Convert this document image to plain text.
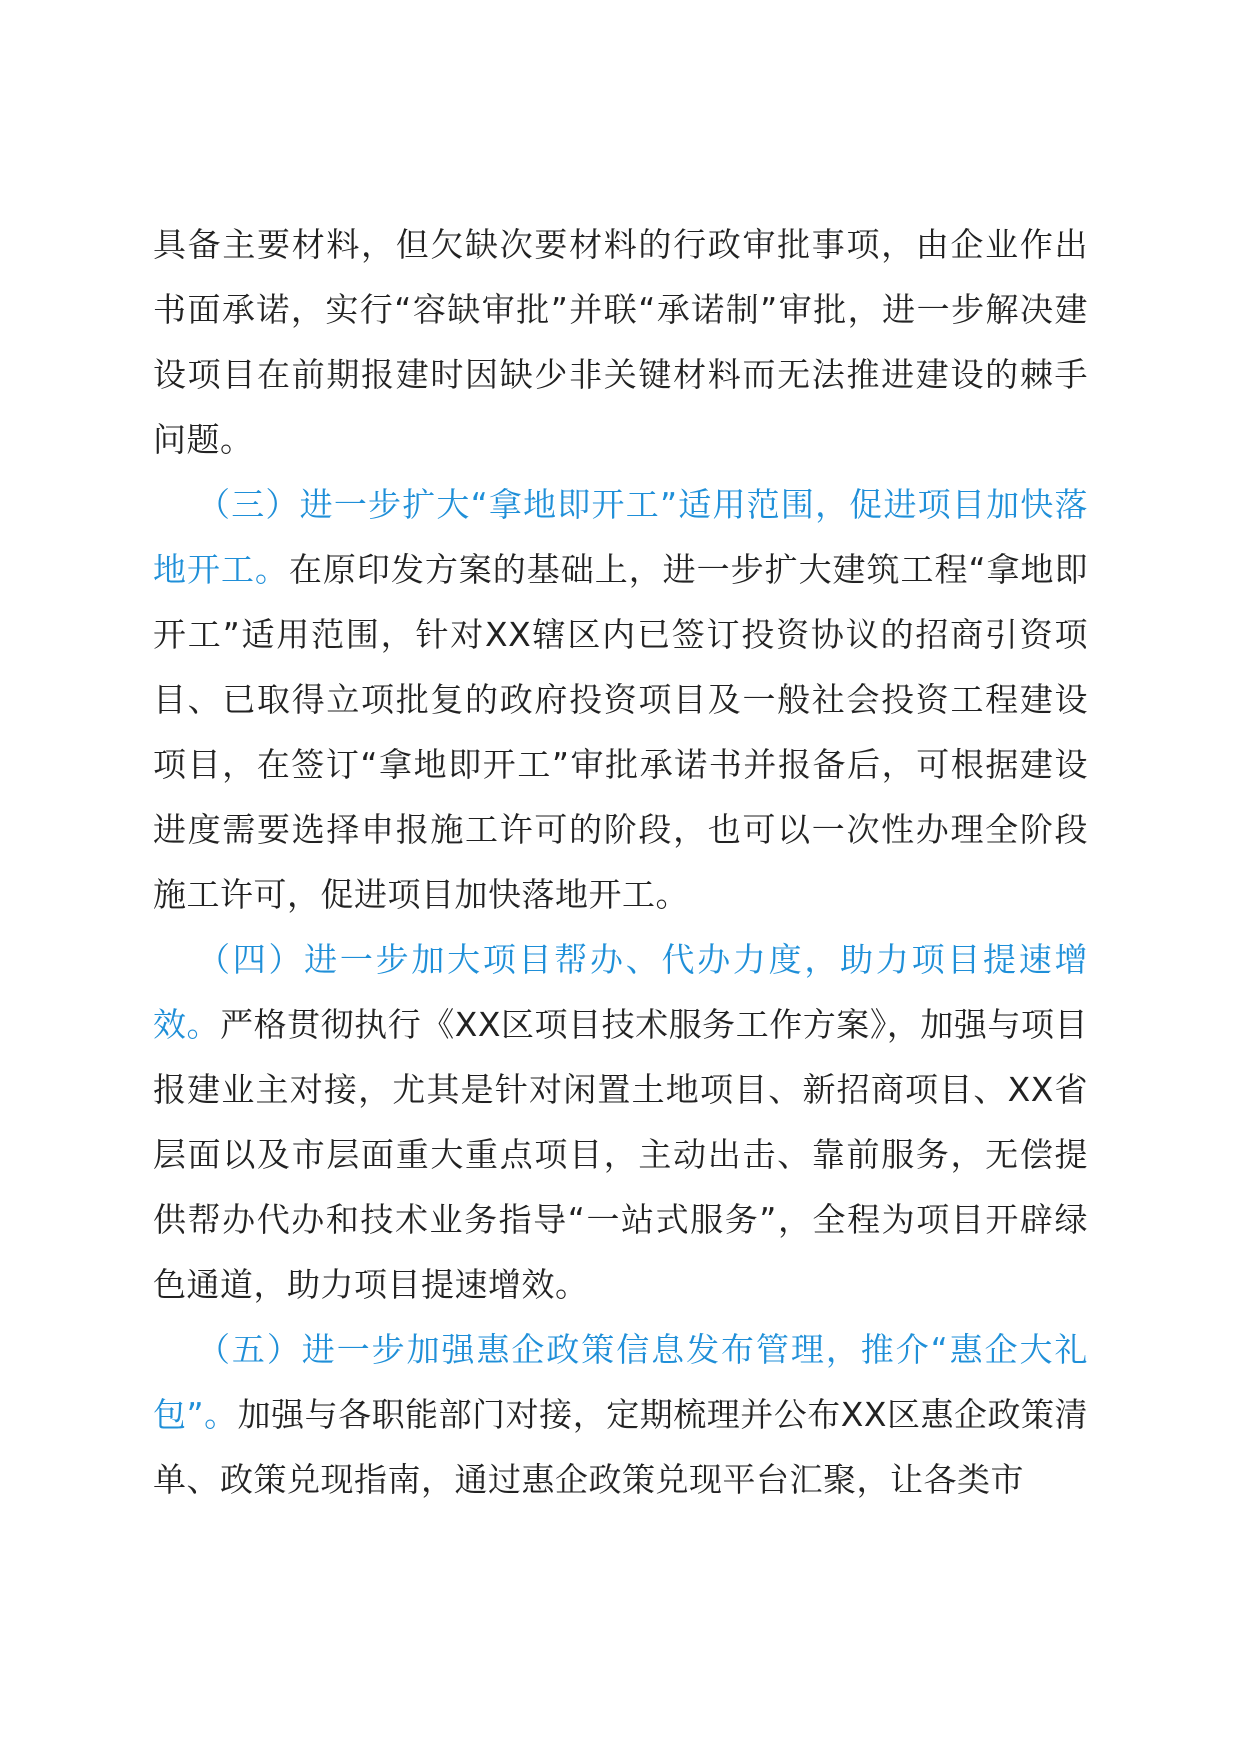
具备主要材料，但欠缺次要材料的行政审批事项，由企业作出书面承诺，实行“容缺审批”并联“承诺制”审批，进一步解决建设项目在前期报建时因缺少非关键材料而无法推进建设的棘手问题。

（三）进一步扩大“拿地即开工”适用范围，促进项目加快落地开工。在原印发方案的基础上，进一步扩大建筑工程“拿地即开工”适用范围，针对XX辖区内已签订投资协议的招商引资项目、已取得立项批复的政府投资项目及一般社会投资工程建设项目，在签订“拿地即开工”审批承诺书并报备后，可根据建设进度需要选择申报施工许可的阶段，也可以一次性办理全阶段施工许可，促进项目加快落地开工。

（四）进一步加大项目帮办、代办力度，助力项目提速增效。严格贯彻执行《XX区项目技术服务工作方案》，加强与项目报建业主对接，尤其是针对闲置土地项目、新招商项目、XX省层面以及市层面重大重点项目，主动出击、靠前服务，无偿提供帮办代办和技术业务指导“一站式服务”，全程为项目开辟绿色通道，助力项目提速增效。

（五）进一步加强惠企政策信息发布管理，推介“惠企大礼包”。加强与各职能部门对接，定期梳理并公布XX区惠企政策清单、政策兑现指南，通过惠企政策兑现平台汇聚，让各类市
